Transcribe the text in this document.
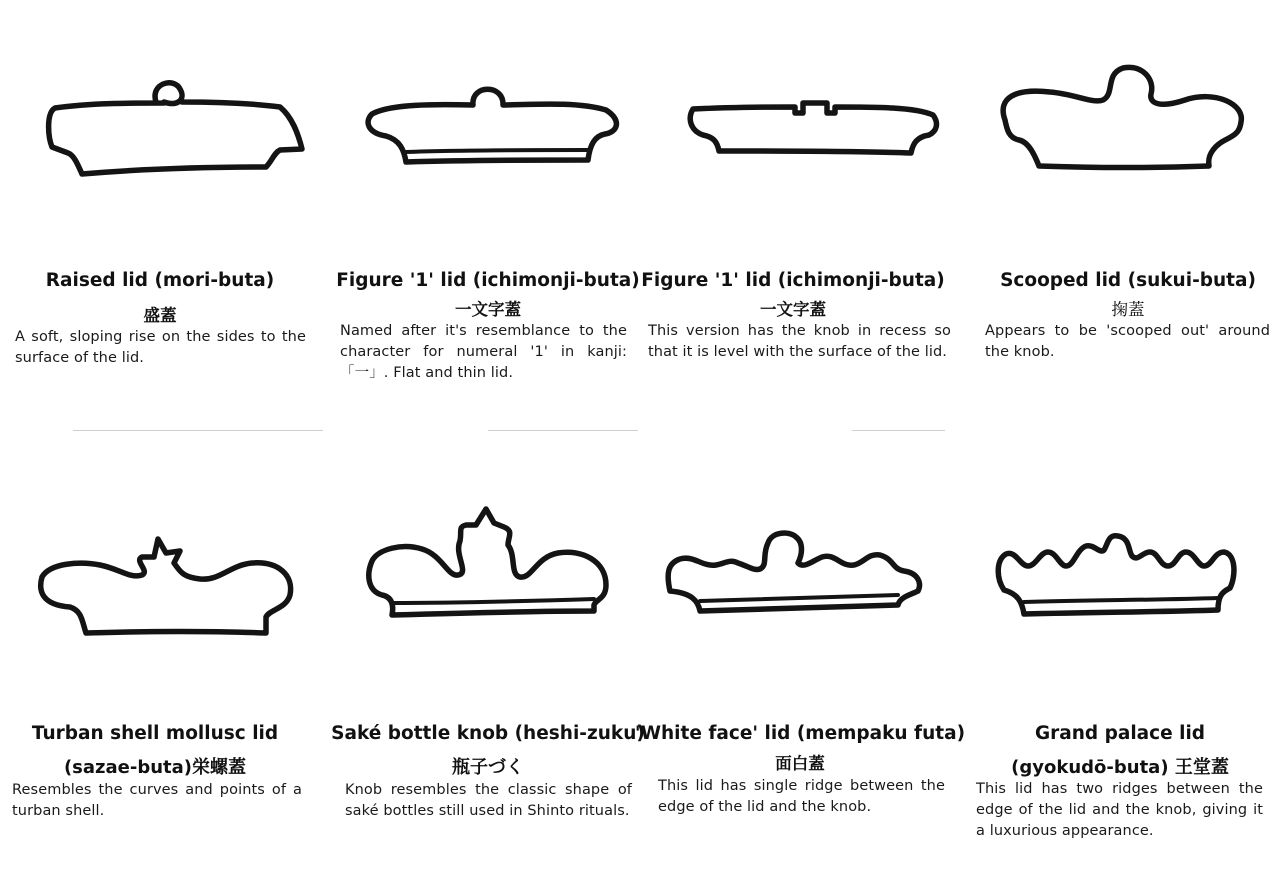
Raised lid (mori-buta)

盛蓋

A soft, sloping rise on the sides to the surface of the lid.

Figure '1' lid (ichimonji-buta)

一文字蓋

Named after it's resemblance to the character for numeral '1' in kanji:「一」. Flat and thin lid.

Figure '1' lid (ichimonji-buta)

一文字蓋

This version has the knob in recess so that it is level with the surface of the lid.

Scooped lid (sukui-buta)

掬蓋

Appears to be 'scooped out' around the knob.

Turban shell mollusc lid

(sazae-buta)栄螺蓋

Resembles the curves and points of a turban shell.

Saké bottle knob (heshi-zuku)

瓶子づく

Knob resembles the classic shape of saké bottles still used in Shinto rituals.

'White face' lid (mempaku futa)

面白蓋

This lid has single ridge between the edge of the lid and the knob.

Grand palace lid

(gyokudō-buta) 王堂蓋

This lid has two ridges between the edge of the lid and the knob, giving it a luxurious appearance.
